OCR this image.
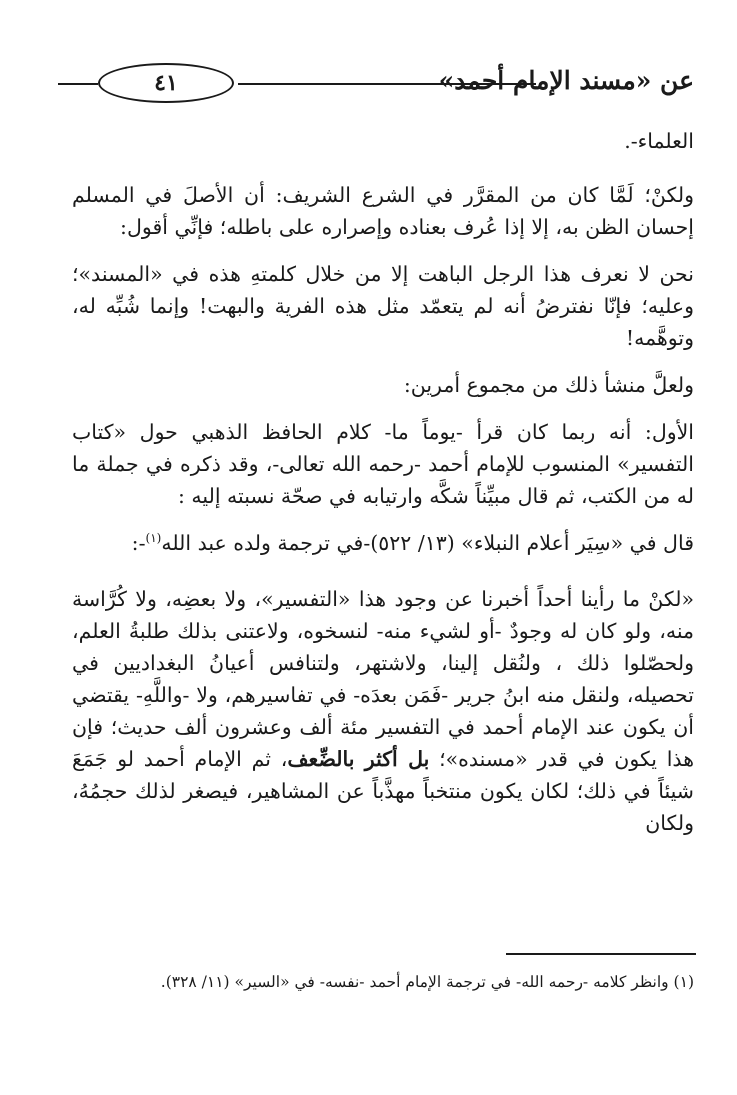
٤١	عن «مسند الإمام أحمد»

العلماء-.

ولكنْ؛ لَمَّا كان من المقرَّر في الشرع الشريف: أن الأصلَ في المسلم إحسان الظن به، إلا إذا عُرف بعناده وإصراره على باطله؛ فإنِّي أقول:

نحن لا نعرف هذا الرجل الباهت إلا من خلال كلمتهِ هذه في «المسند»؛ وعليه؛ فإنّا نفترضُ أنه لم يتعمّد مثل هذه الفرية والبهت! وإنما شُبِّه له، وتوهَّمه!

ولعلَّ منشأ ذلك من مجموع أمرين:

الأول: أنه ربما كان قرأ -يوماً ما- كلام الحافظ الذهبي حول «كتاب التفسير» المنسوب للإمام أحمد -رحمه الله تعالى-، وقد ذكره في جملة ما له من الكتب، ثم قال مبيِّناً شكَّه وارتيابه في صحّة نسبته إليه :

قال في «سِيَر أعلام النبلاء» (١٣/ ٥٢٢)-في ترجمة ولده عبد الله$^{(١)}$-:

«لكنْ ما رأينا أحداً أخبرنا عن وجود هذا «التفسير»، ولا بعضِه، ولا كُرَّاسة منه، ولو كان له وجودٌ -أو لشيء منه- لنسخوه، ولاعتنى بذلك طلبةُ العلم، ولحصّلوا ذلك ، ولنُقل إلينا، ولاشتهر، ولتنافس أعيانُ البغداديين في تحصيله، ولنقل منه ابنُ جرير -فَمَن بعدَه- في تفاسيرهم، ولا -واللَّهِ- يقتضي أن يكون عند الإمام أحمد في التفسير مئة ألف وعشرون ألف حديث؛ فإن هذا يكون في قدر «مسنده»؛ بل أكثر بالضِّعف، ثم الإمام أحمد لو جَمَعَ شيئاً في ذلك؛ لكان يكون منتخباً مهذَّباً عن المشاهير، فيصغر لذلك حجمُهُ، ولكان

(١) وانظر كلامه -رحمه الله- في ترجمة الإمام أحمد -نفسه- في «السير» (١١/ ٣٢٨).
